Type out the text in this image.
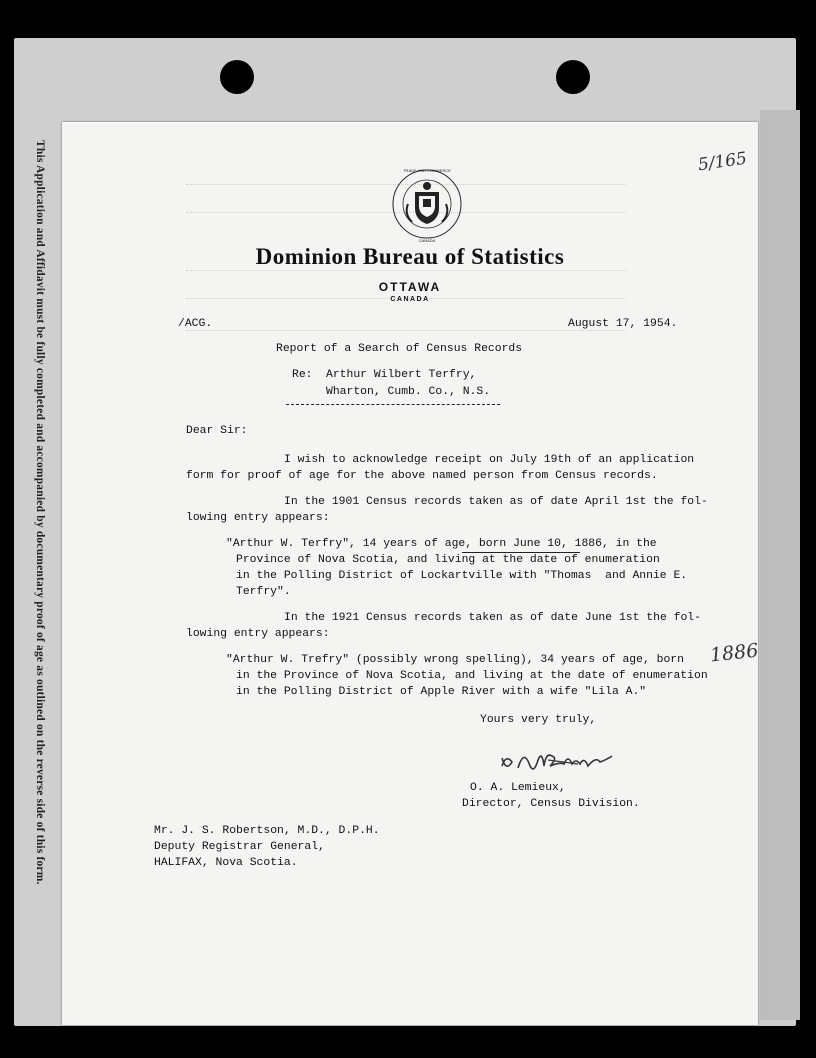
This Application and Affidavit must be fully completed and accompanied by documentary proof of age as outlined on the reverse side of this form.	TRADE AND COMMERCE
CANADA
Dominion Bureau of Statistics
OTTAWA
CANADA
5/165
/ACG.	August 17, 1954.
Report of a Search of Census Records
Re: Arthur Wilbert Terfry,
Wharton, Cumb. Co., N.S.
Dear Sir:
I wish to acknowledge receipt on July 19th of an application
form for proof of age for the above named person from Census records.
In the 1901 Census records taken as of date April 1st the fol-
lowing entry appears:
"Arthur W. Terfry", 14 years of age, born June 10, 1886, in the
Province of Nova Scotia, and living at the date of enumeration
in the Polling District of Lockartville with "Thomas  and Annie E.
Terfry".
In the 1921 Census records taken as of date June 1st the fol-
lowing entry appears:
"Arthur W. Trefry" (possibly wrong spelling), 34 years of age, born
in the Province of Nova Scotia, and living at the date of enumeration
in the Polling District of Apple River with a wife "Lila A."
1886
Yours very truly,
O. A. Lemieux,
Director, Census Division.
Mr. J. S. Robertson, M.D., D.P.H.
Deputy Registrar General,
HALIFAX, Nova Scotia.
